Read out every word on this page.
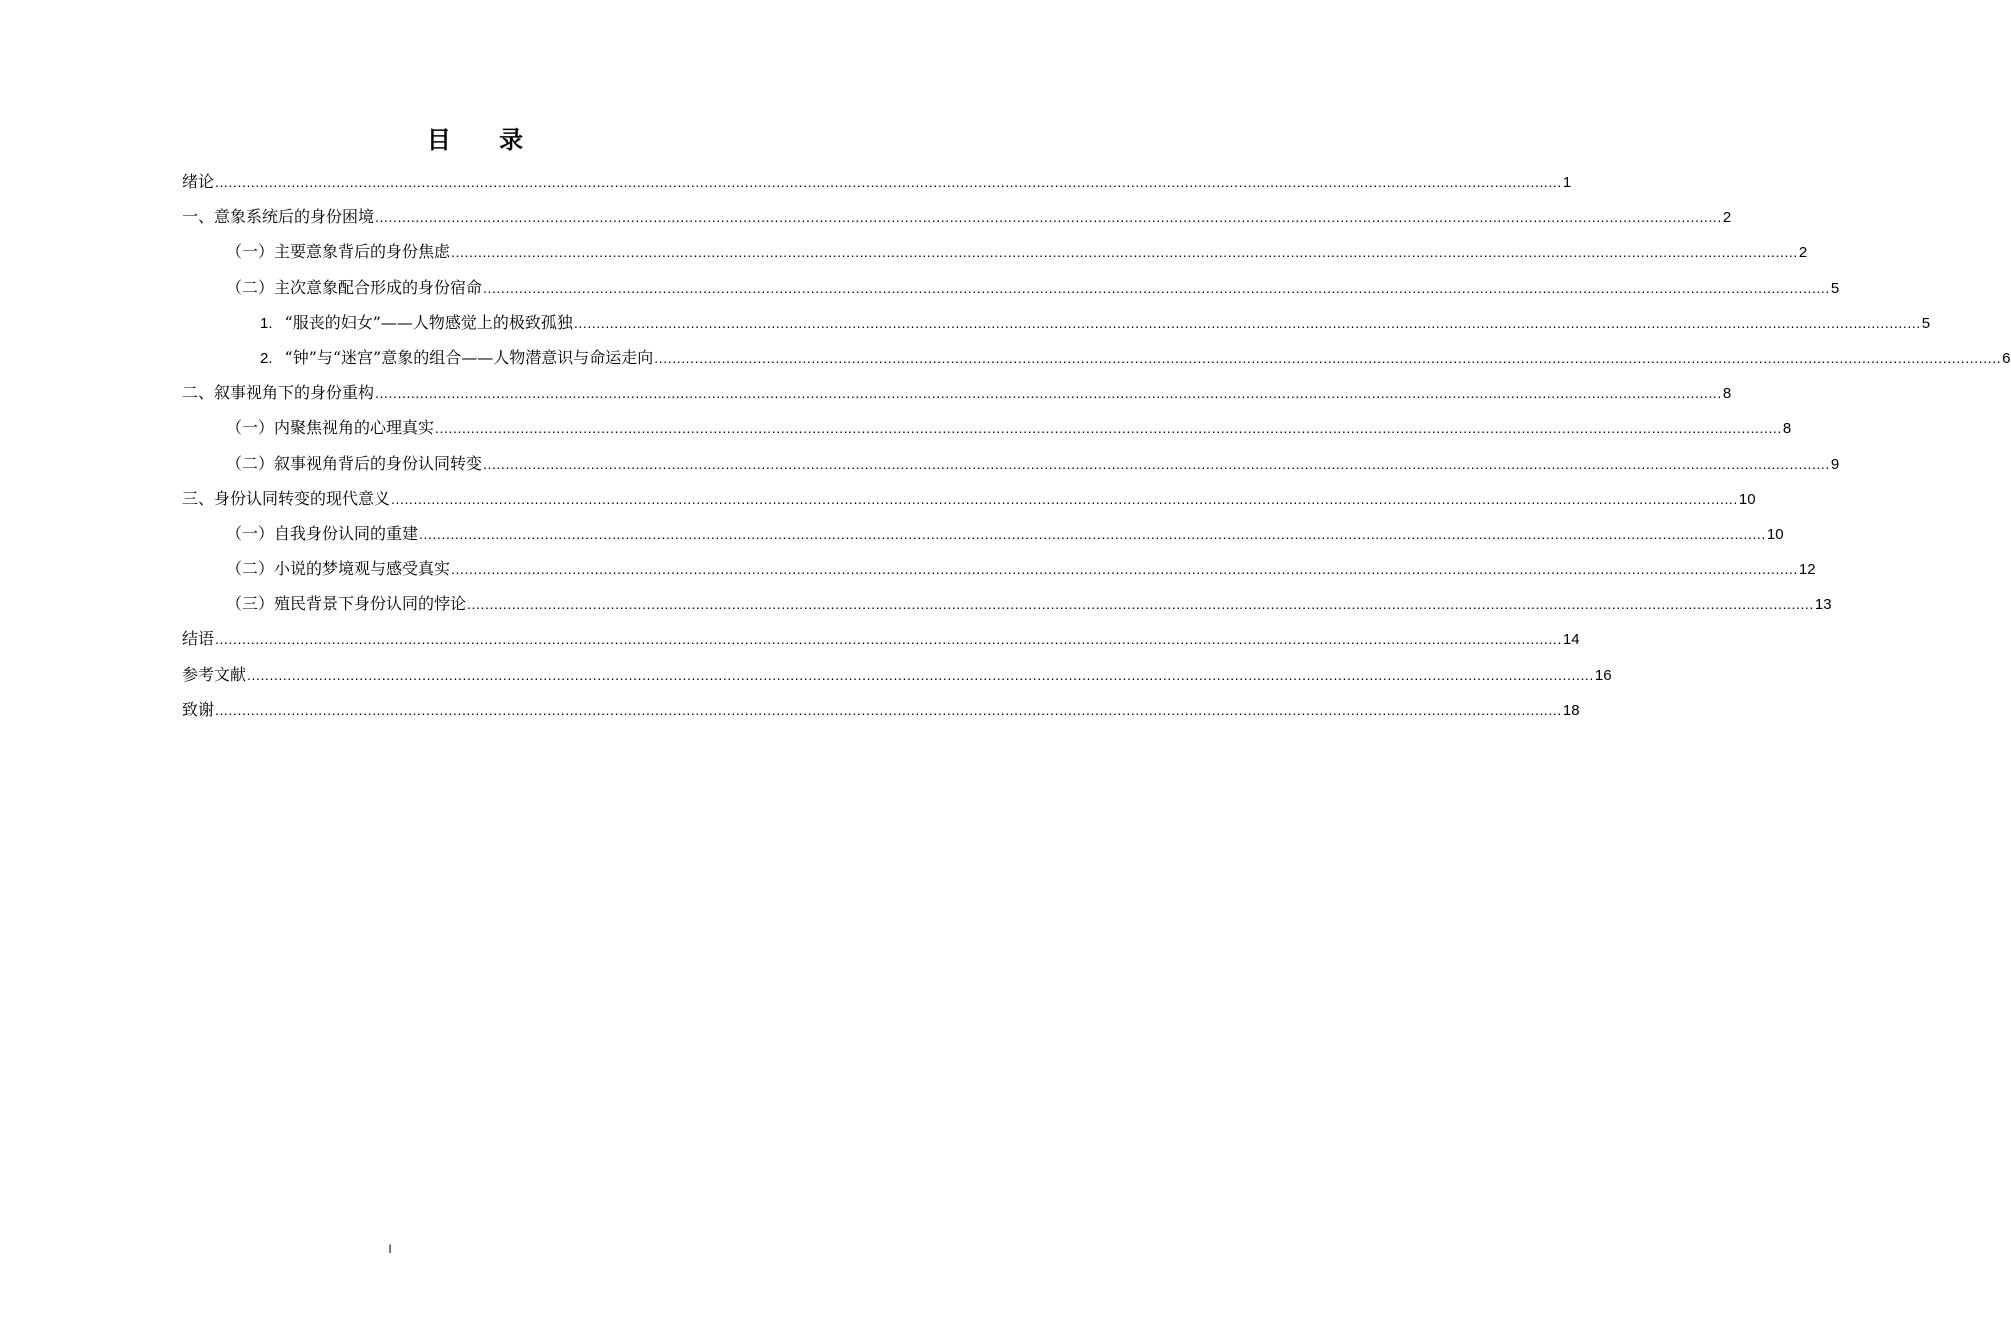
目 录
绪论 ............................................................................................................................................................................................................................................................................................................ 1
一、意象系统后的身份困境 ............................................................................................................................................................................................................................................................................................................ 2
（一）主要意象背后的身份焦虑 ............................................................................................................................................................................................................................................................................................................ 2
（二）主次意象配合形成的身份宿命 ............................................................................................................................................................................................................................................................................................................ 5
1. “服丧的妇女”——人物感觉上的极致孤独 ............................................................................................................................................................................................................................................................................................................ 5
2. “钟”与“迷宫”意象的组合——人物潜意识与命运走向 ............................................................................................................................................................................................................................................................................................................ 6
二、叙事视角下的身份重构 ............................................................................................................................................................................................................................................................................................................ 8
（一）内聚焦视角的心理真实 ............................................................................................................................................................................................................................................................................................................ 8
（二）叙事视角背后的身份认同转变 ............................................................................................................................................................................................................................................................................................................ 9
三、身份认同转变的现代意义 ............................................................................................................................................................................................................................................................................................................ 10
（一）自我身份认同的重建 ............................................................................................................................................................................................................................................................................................................ 10
（二）小说的梦境观与感受真实 ............................................................................................................................................................................................................................................................................................................ 12
（三）殖民背景下身份认同的悖论 ............................................................................................................................................................................................................................................................................................................ 13
结语 ............................................................................................................................................................................................................................................................................................................ 14
参考文献 ............................................................................................................................................................................................................................................................................................................ 16
致谢 ............................................................................................................................................................................................................................................................................................................ 18
I
